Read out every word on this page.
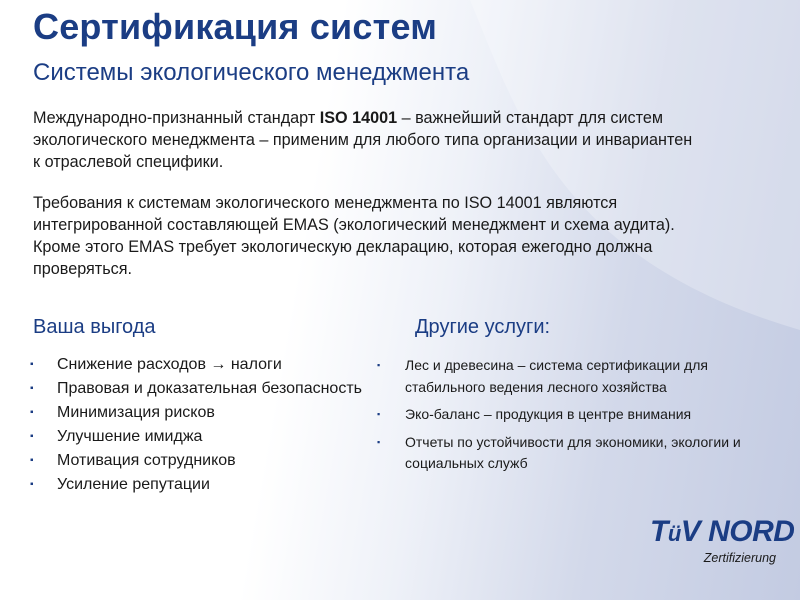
Сертификация систем
Системы экологического менеджмента

Международно-признанный стандарт ISO 14001 – важнейший стандарт для систем экологического менеджмента – применим для любого типа организации и инвариантен к отраслевой специфики.

Требования к системам экологического менеджмента по ISO 14001 являются интегрированной составляющей EMAS (экологический менеджмент и схема аудита).
Кроме этого EMAS требует экологическую декларацию, которая ежегодно должна проверяться.
Ваша выгода
▪ Снижение расходов → налоги
▪ Правовая и доказательная безопасность
▪ Минимизация рисков
▪ Улучшение имиджа
▪ Мотивация сотрудников
▪ Усиление репутации
Другие услуги:
▪ Лес и древесина – система сертификации для стабильного ведения лесного хозяйства
▪ Эко-баланс – продукция в центре внимания
▪ Отчеты по устойчивости для экономики, экологии и социальных служб
TüV NORD
Zertifizierung
